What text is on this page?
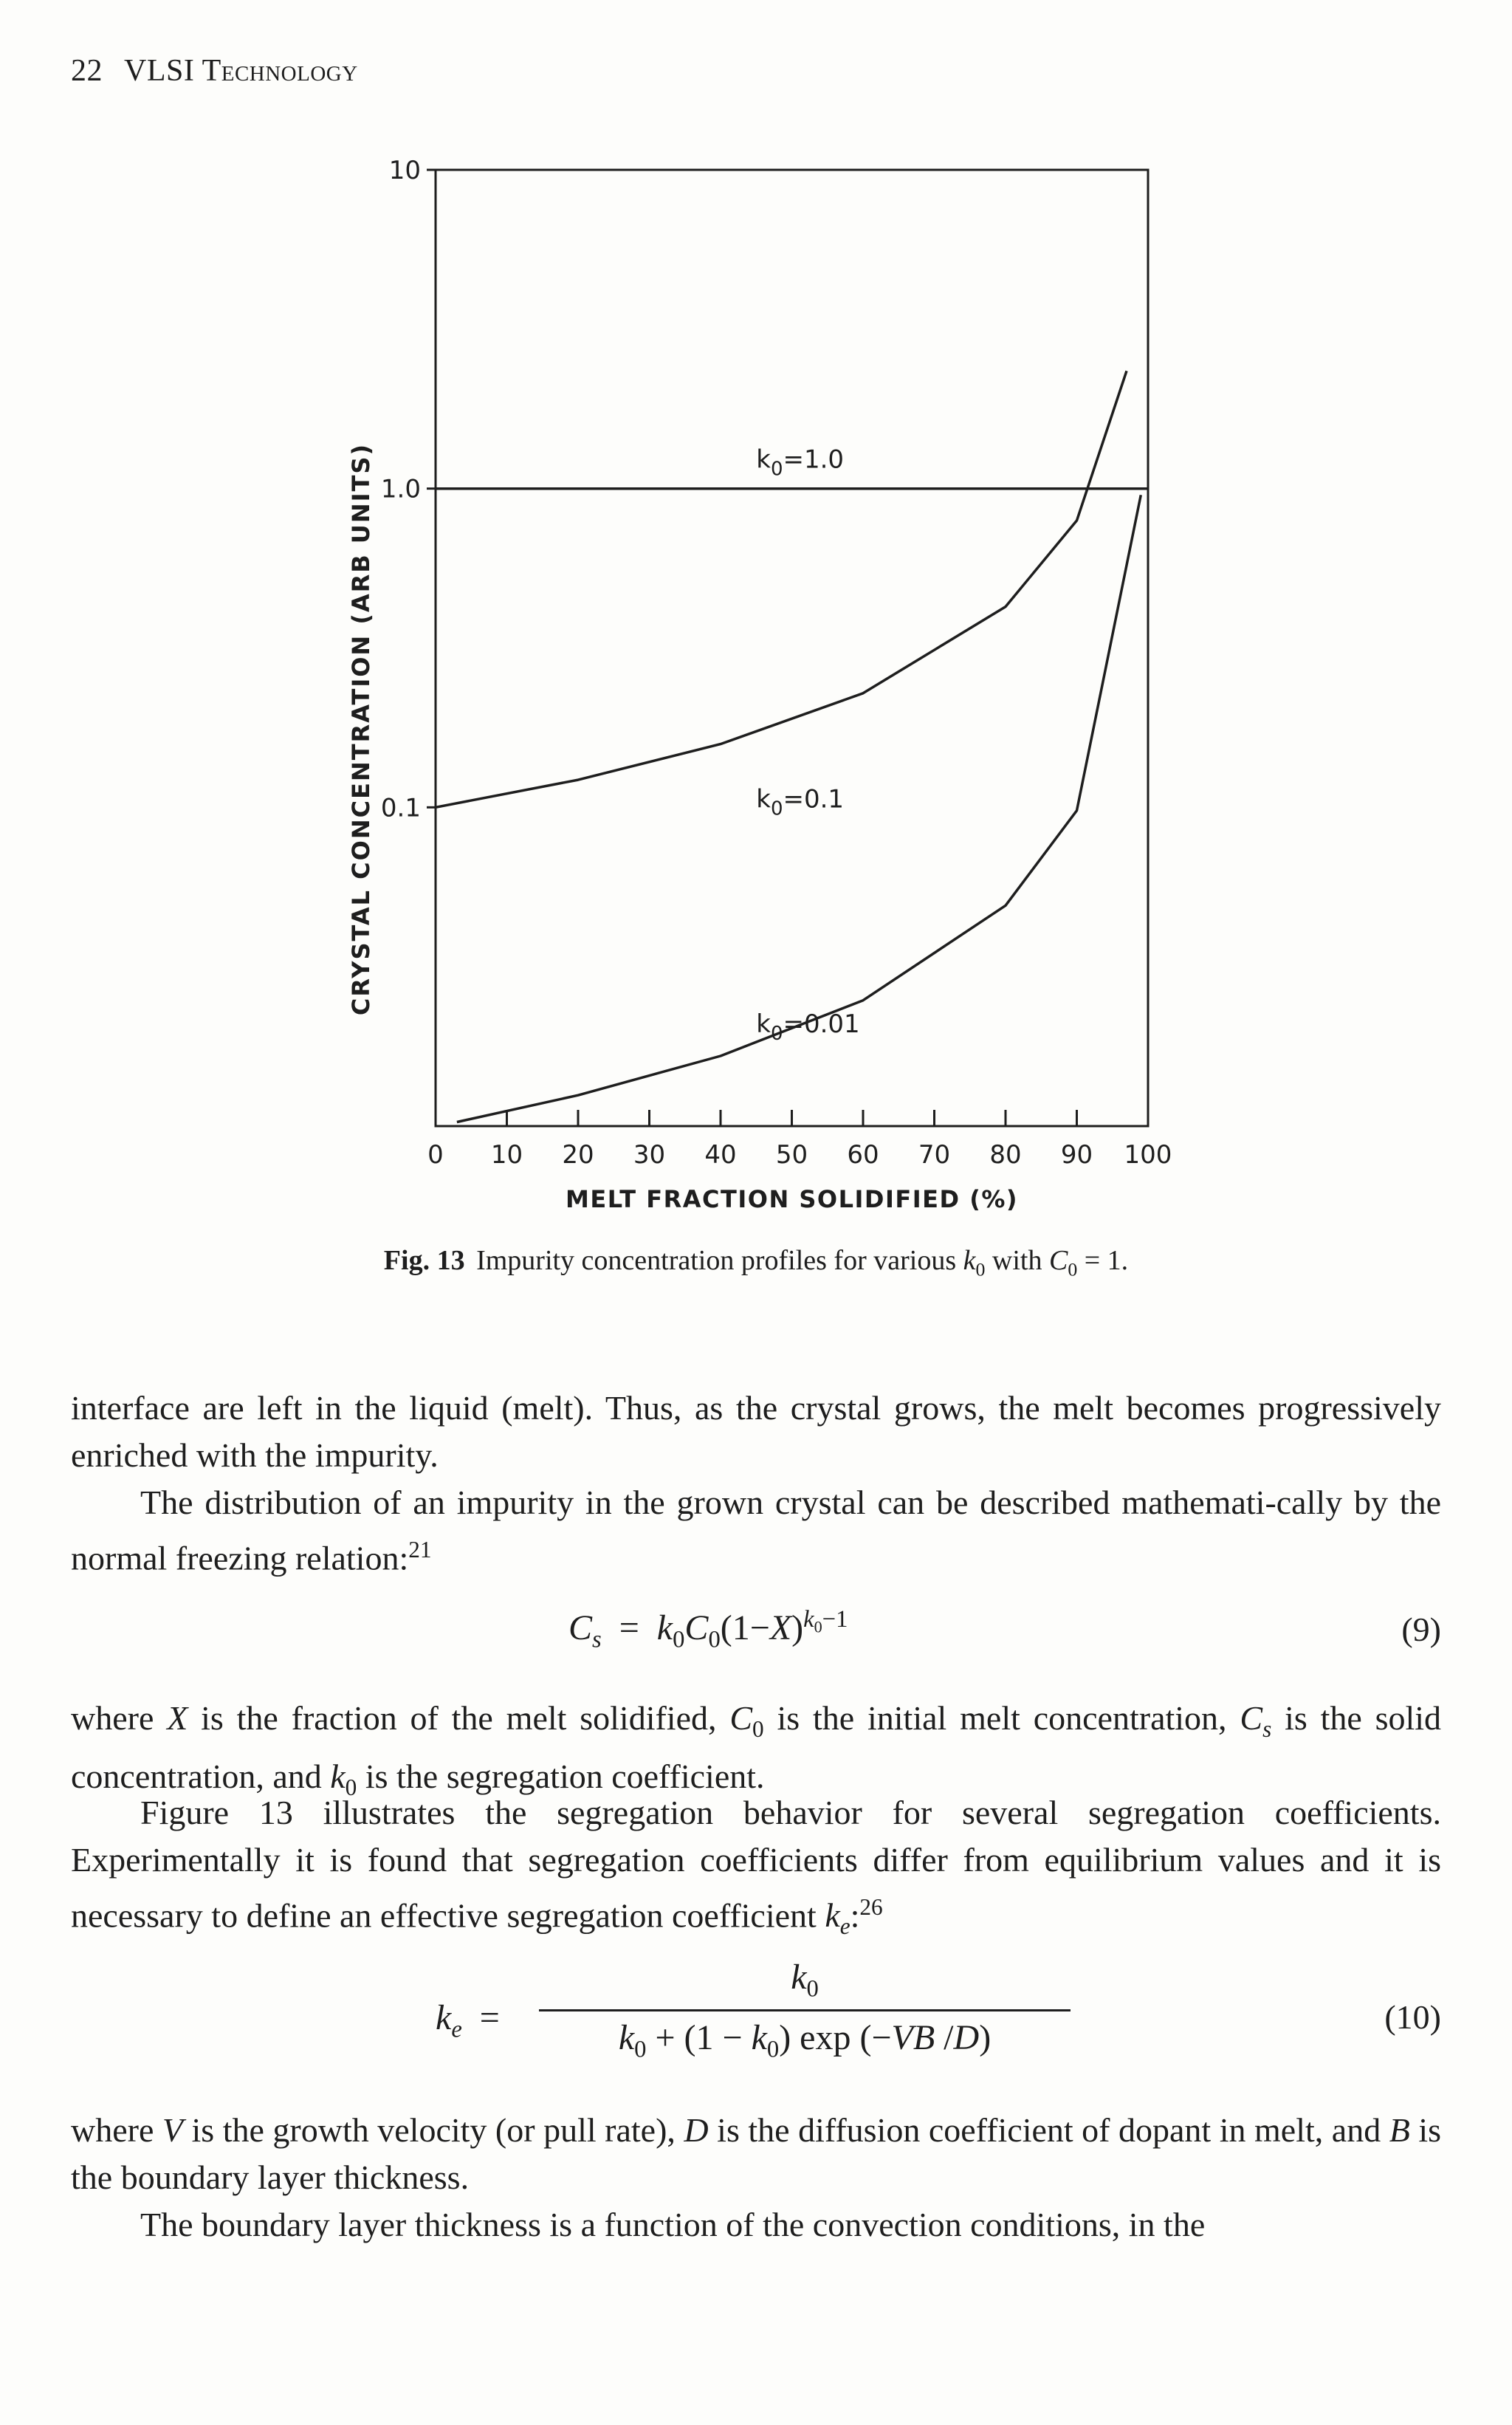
22 VLSI Technology
0 10 20 30 40 50 60 70 80 90 100
10
1.0
0.1
MELT FRACTION SOLIDIFIED (%)
CRYSTAL CONCENTRATION (ARB UNITS)	$k_0=1.0$
$k_0=0.1$
$k_0=0.01$
Fig. 13 Impurity concentration profiles for various $k_0$ with $C_0 = 1$.

interface are left in the liquid (melt). Thus, as the crystal grows, the melt becomes progressively enriched with the impurity.

The distribution of an impurity in the grown crystal can be described mathemati-cally by the normal freezing relation:$^{21}$

$C_s = k_0C_0(1-X)^{k_0-1}$	(9)

where X is the fraction of the melt solidified, $C_0$ is the initial melt concentration, $C_s$ is the solid concentration, and $k_0$ is the segregation coefficient.

Figure 13 illustrates the segregation behavior for several segregation coefficients. Experimentally it is found that segregation coefficients differ from equilibrium values and it is necessary to define an effective segregation coefficient $k_e:^{26}$

$k_e = \frac{k_0}{k_0 + (1 - k_0) \exp (-VB /D)}$	(10)

where V is the growth velocity (or pull rate), D is the diffusion coefficient of dopant in melt, and B is the boundary layer thickness.

The boundary layer thickness is a function of the convection conditions, in the
